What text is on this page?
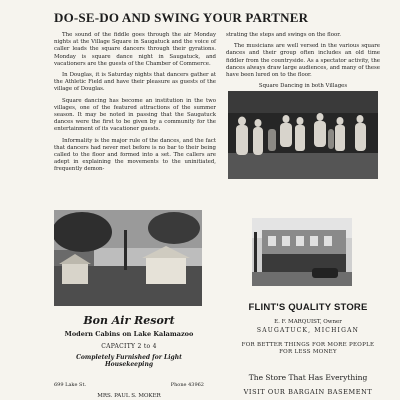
DO-SE-DO AND SWING YOUR PARTNER

The sound of the fiddle goes through the air Monday nights at the Village Square in Saugatuck and the voice of caller leads the square dancers through their gyrations. Monday is square dance night in Saugatuck, and vacationers are the guests of the Chamber of Commerce.

In Douglas, it is Saturday nights that dancers gather at the Athletic Field and have their pleasure as guests of the village of Douglas.

Square dancing has become an institution in the two villages, one of the featured attractions of the summer season. It may be noted in passing that the Saugatuck dances were the first to be given by a community for the entertainment of its vacationer guests.

Informality is the major rule of the dances, and the fact that dancers had never met before is no bar to their being called to the floor and formed into a set. The callers are adept in explaining the movements to the uninitiated, frequently demon-

strating the steps and swings on the floor.

The musicians are well versed in the various square dances and their group often includes an old time fiddler from the countryside. As a spectator activity, the dances always draw large audiences, and many of these have been lured on to the floor.

Square Dancing in both Villages

Bon Air Resort
Modern Cabins on Lake Kalamazoo
CAPACITY 2 to 4
Completely Furnished for Light Housekeeping
699 Lake St.	Phone 43962
MRS. PAUL S. MOKER
FLINT'S QUALITY STORE
E. F. MARQUIST, Owner
SAUGATUCK, MICHIGAN
FOR BETTER THINGS FOR MORE PEOPLE FOR LESS MONEY
The Store That Has Everything
VISIT OUR BARGAIN BASEMENT
